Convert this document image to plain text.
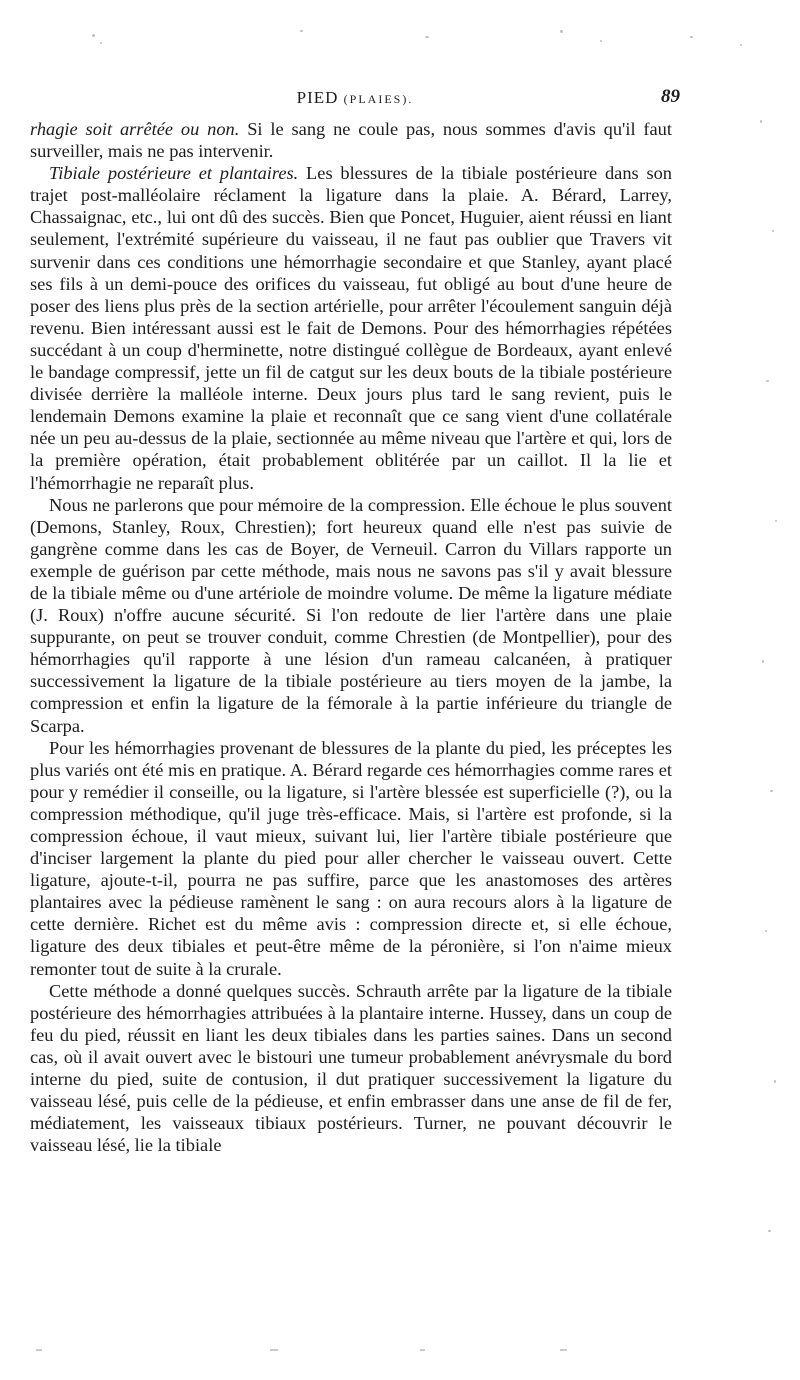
PIED (PLAIES).	89

rhagie soit arrêtée ou non. Si le sang ne coule pas, nous sommes d'avis qu'il faut surveiller, mais ne pas intervenir.

Tibiale postérieure et plantaires. Les blessures de la tibiale postérieure dans son trajet post-malléolaire réclament la ligature dans la plaie. A. Bérard, Larrey, Chassaignac, etc., lui ont dû des succès. Bien que Poncet, Huguier, aient réussi en liant seulement, l'extrémité supérieure du vaisseau, il ne faut pas oublier que Travers vit survenir dans ces conditions une hémorrhagie secondaire et que Stanley, ayant placé ses fils à un demi-pouce des orifices du vaisseau, fut obligé au bout d'une heure de poser des liens plus près de la section artérielle, pour arrêter l'écoulement sanguin déjà revenu. Bien intéressant aussi est le fait de Demons. Pour des hémorrhagies répétées succédant à un coup d'herminette, notre distingué collègue de Bordeaux, ayant enlevé le bandage compressif, jette un fil de catgut sur les deux bouts de la tibiale postérieure divisée derrière la malléole interne. Deux jours plus tard le sang revient, puis le lendemain Demons examine la plaie et reconnaît que ce sang vient d'une collatérale née un peu au-dessus de la plaie, sectionnée au même niveau que l'artère et qui, lors de la première opération, était probablement oblitérée par un caillot. Il la lie et l'hémorrhagie ne reparaît plus.

Nous ne parlerons que pour mémoire de la compression. Elle échoue le plus souvent (Demons, Stanley, Roux, Chrestien); fort heureux quand elle n'est pas suivie de gangrène comme dans les cas de Boyer, de Verneuil. Carron du Villars rapporte un exemple de guérison par cette méthode, mais nous ne savons pas s'il y avait blessure de la tibiale même ou d'une artériole de moindre volume. De même la ligature médiate (J. Roux) n'offre aucune sécurité. Si l'on redoute de lier l'artère dans une plaie suppurante, on peut se trouver conduit, comme Chrestien (de Montpellier), pour des hémorrhagies qu'il rapporte à une lésion d'un rameau calcanéen, à pratiquer successivement la ligature de la tibiale postérieure au tiers moyen de la jambe, la compression et enfin la ligature de la fémorale à la partie inférieure du triangle de Scarpa.

Pour les hémorrhagies provenant de blessures de la plante du pied, les préceptes les plus variés ont été mis en pratique. A. Bérard regarde ces hémorrhagies comme rares et pour y remédier il conseille, ou la ligature, si l'artère blessée est superficielle (?), ou la compression méthodique, qu'il juge très-efficace. Mais, si l'artère est profonde, si la compression échoue, il vaut mieux, suivant lui, lier l'artère tibiale postérieure que d'inciser largement la plante du pied pour aller chercher le vaisseau ouvert. Cette ligature, ajoute-t-il, pourra ne pas suffire, parce que les anastomoses des artères plantaires avec la pédieuse ramènent le sang : on aura recours alors à la ligature de cette dernière. Richet est du même avis : compression directe et, si elle échoue, ligature des deux tibiales et peut-être même de la péronière, si l'on n'aime mieux remonter tout de suite à la crurale.

Cette méthode a donné quelques succès. Schrauth arrête par la ligature de la tibiale postérieure des hémorrhagies attribuées à la plantaire interne. Hussey, dans un coup de feu du pied, réussit en liant les deux tibiales dans les parties saines. Dans un second cas, où il avait ouvert avec le bistouri une tumeur probablement anévrysmale du bord interne du pied, suite de contusion, il dut pratiquer successivement la ligature du vaisseau lésé, puis celle de la pédieuse, et enfin embrasser dans une anse de fil de fer, médiatement, les vaisseaux tibiaux postérieurs. Turner, ne pouvant découvrir le vaisseau lésé, lie la tibiale
